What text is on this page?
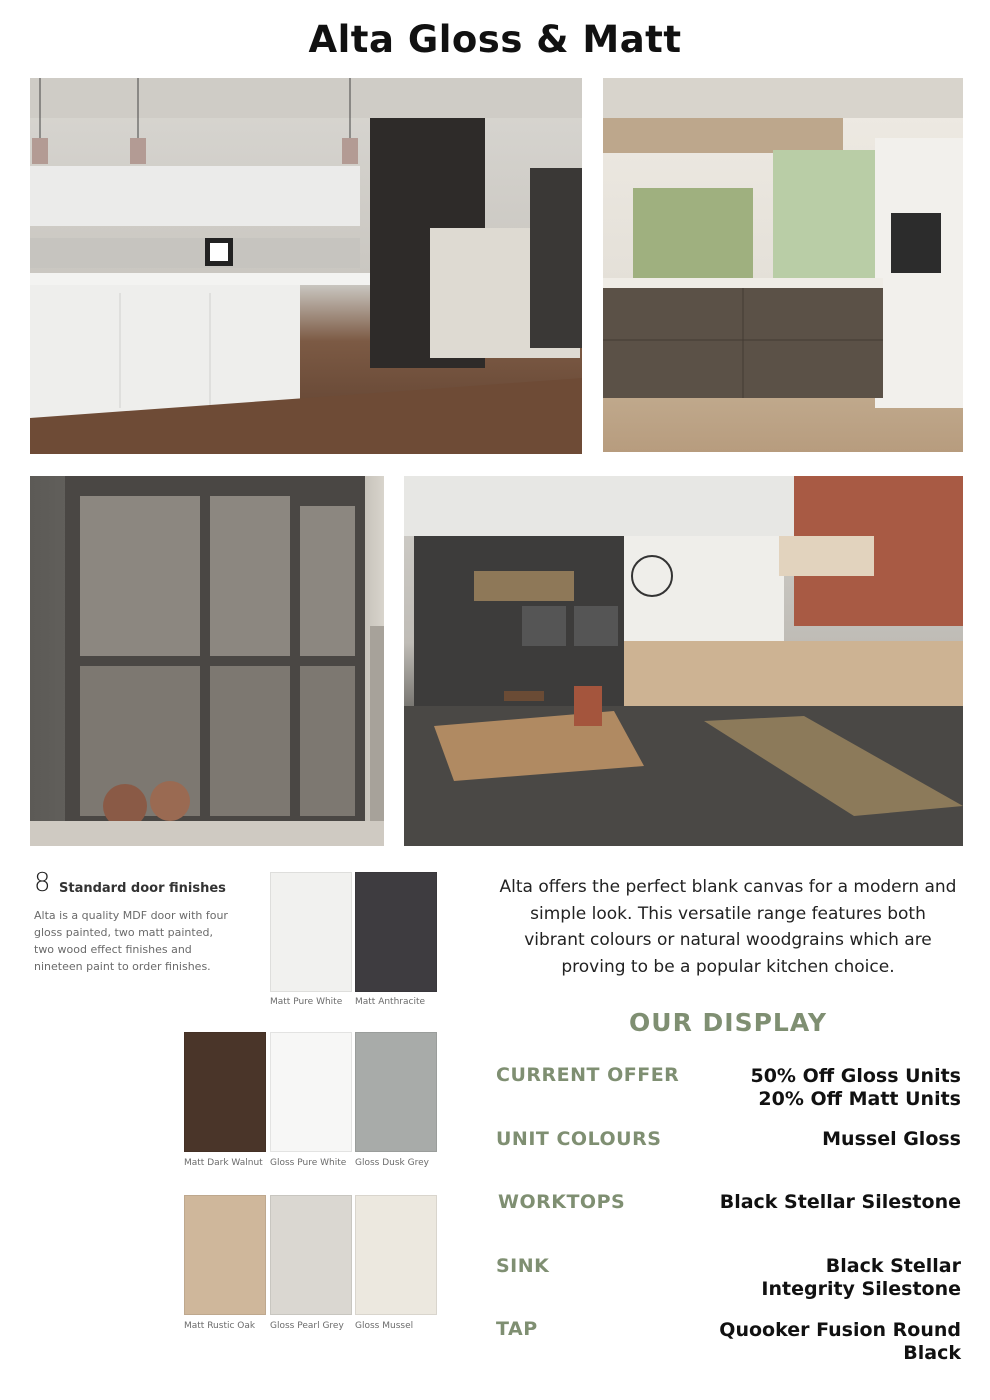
Alta Gloss & Matt
8 Standard door finishes
Alta is a quality MDF door with four gloss painted, two matt painted, two wood effect finishes and nineteen paint to order finishes.
Matt Pure White Matt Anthracite
Matt Dark Walnut Gloss Pure White Gloss Dusk Grey
Matt Rustic Oak Gloss Pearl Grey Gloss Mussel
Alta offers the perfect blank canvas for a modern and simple look. This versatile range features both vibrant colours or natural woodgrains which are proving to be a popular kitchen choice.
OUR DISPLAY
CURRENT OFFER	50% Off Gloss Units
20% Off Matt Units
UNIT COLOURS	Mussel Gloss
WORKTOPS	Black Stellar Silestone
SINK	Black Stellar
Integrity Silestone
TAP	Quooker Fusion Round
Black
